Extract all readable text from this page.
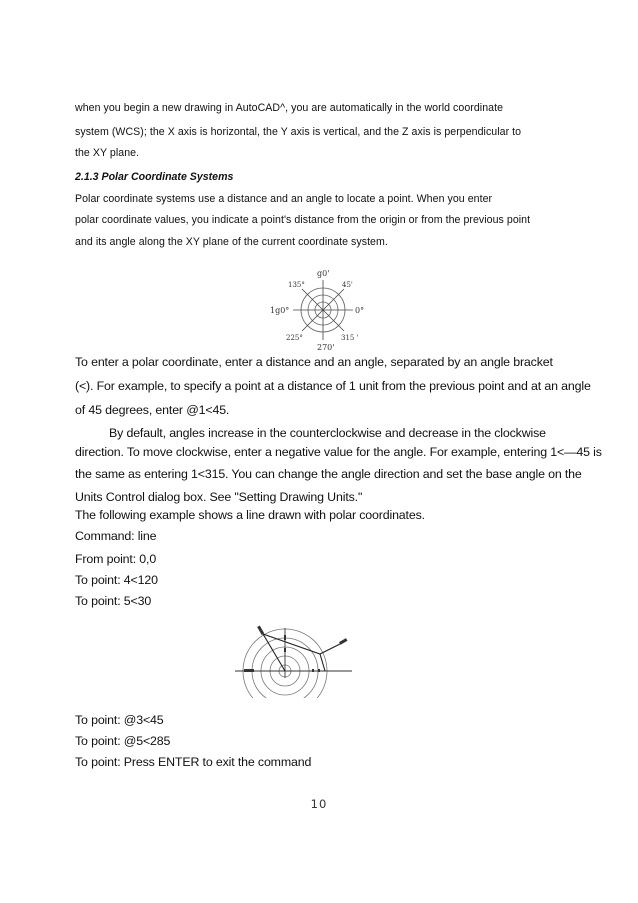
when you begin a new drawing in AutoCAD^, you are automatically in the world coordinate
system (WCS); the X axis is horizontal, the Y axis is vertical, and the Z axis is perpendicular to
the XY plane.
2.1.3 Polar Coordinate Systems
Polar coordinate systems use a distance and an angle to locate a point. When you enter
polar coordinate values, you indicate a point's distance from the origin or from the previous point
and its angle along the XY plane of the current coordinate system.
g0'
135°	45'
1g0°	0°
225°	315 '
270'
To enter a polar coordinate, enter a distance and an angle, separated by an angle bracket
(<). For example, to specify a point at a distance of 1 unit from the previous point and at an angle
of 45 degrees, enter @1<45.
By default, angles increase in the counterclockwise and decrease in the clockwise
direction. To move clockwise, enter a negative value for the angle. For example, entering 1<—45 is
the same as entering 1<315. You can change the angle direction and set the base angle on the
Units Control dialog box. See "Setting Drawing Units."
The following example shows a line drawn with polar coordinates.
Command: line
From point: 0,0
To point: 4<120
To point: 5<30
To point: @3<45
To point: @5<285
To point: Press ENTER to exit the command
10
